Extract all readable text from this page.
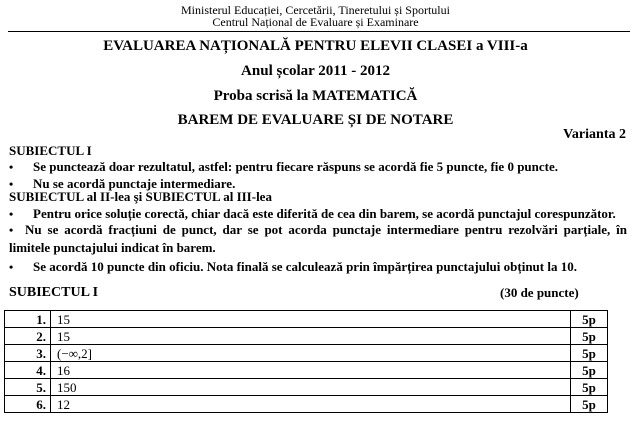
Ministerul Educației, Cercetării, Tineretului și Sportului
Centrul Național de Evaluare și Examinare
EVALUAREA NAȚIONALĂ PENTRU ELEVII CLASEI a VIII-a
Anul școlar 2011 - 2012
Proba scrisă la MATEMATICĂ
BAREM DE EVALUARE ȘI DE NOTARE
Varianta 2
SUBIECTUL I
• Se punctează doar rezultatul, astfel: pentru fiecare răspuns se acordă fie 5 puncte, fie 0 puncte.
• Nu se acordă punctaje intermediare.
SUBIECTUL al II-lea şi SUBIECTUL al III-lea
• Pentru orice soluție corectă, chiar dacă este diferită de cea din barem, se acordă punctajul corespunzător.
• Nu se acordă fracțiuni de punct, dar se pot acorda punctaje intermediare pentru rezolvări parțiale, în limitele punctajului indicat în barem.
• Se acordă 10 puncte din oficiu. Nota finală se calculează prin împărțirea punctajului obținut la 10.
SUBIECTUL I	(30 de puncte)
1.	15	5p
2.	15	5p
3.	(−∞,2]	5p
4.	16	5p
5.	150	5p
6.	12	5p
